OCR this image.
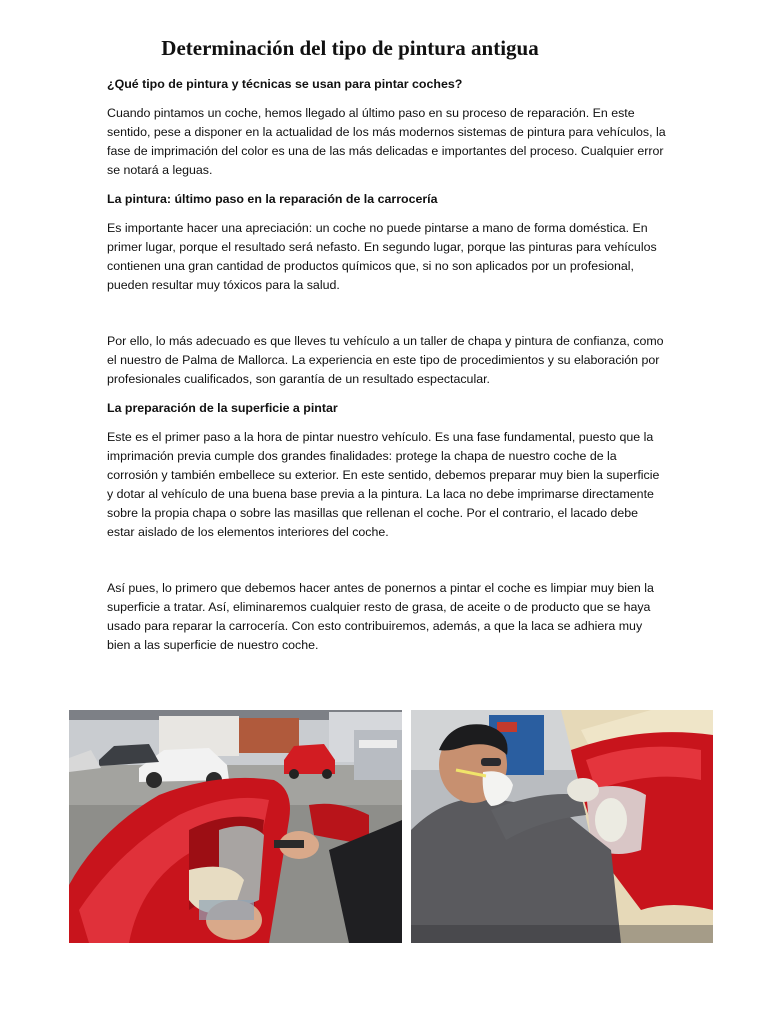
Determinación del tipo de pintura antigua
¿Qué tipo de pintura y técnicas se usan para pintar coches?

Cuando pintamos un coche, hemos llegado al último paso en su proceso de reparación. En este sentido, pese a disponer en la actualidad de los más modernos sistemas de pintura para vehículos, la fase de imprimación del color es una de las más delicadas e importantes del proceso. Cualquier error se notará a leguas.

La pintura: último paso en la reparación de la carrocería

Es importante hacer una apreciación: un coche no puede pintarse a mano de forma doméstica. En primer lugar, porque el resultado será nefasto. En segundo lugar, porque las pinturas para vehículos contienen una gran cantidad de productos químicos que, si no son aplicados por un profesional, pueden resultar muy tóxicos para la salud.

Por ello, lo más adecuado es que lleves tu vehículo a un taller de chapa y pintura de confianza, como el nuestro de Palma de Mallorca. La experiencia en este tipo de procedimientos y su elaboración por profesionales cualificados, son garantía de un resultado espectacular.

La preparación de la superficie a pintar

Este es el primer paso a la hora de pintar nuestro vehículo. Es una fase fundamental, puesto que la imprimación previa cumple dos grandes finalidades: protege la chapa de nuestro coche de la corrosión y también embellece su exterior. En este sentido, debemos preparar muy bien la superficie y dotar al vehículo de una buena base previa a la pintura. La laca no debe imprimarse directamente sobre la propia chapa o sobre las masillas que rellenan el coche. Por el contrario, el lacado debe estar aislado de los elementos interiores del coche.

Así pues, lo primero que debemos hacer antes de ponernos a pintar el coche es limpiar muy bien la superficie a tratar. Así, eliminaremos cualquier resto de grasa, de aceite o de producto que se haya usado para reparar la carrocería. Con esto contribuiremos, además, a que la laca se adhiera muy bien a las superficie de nuestro coche.
